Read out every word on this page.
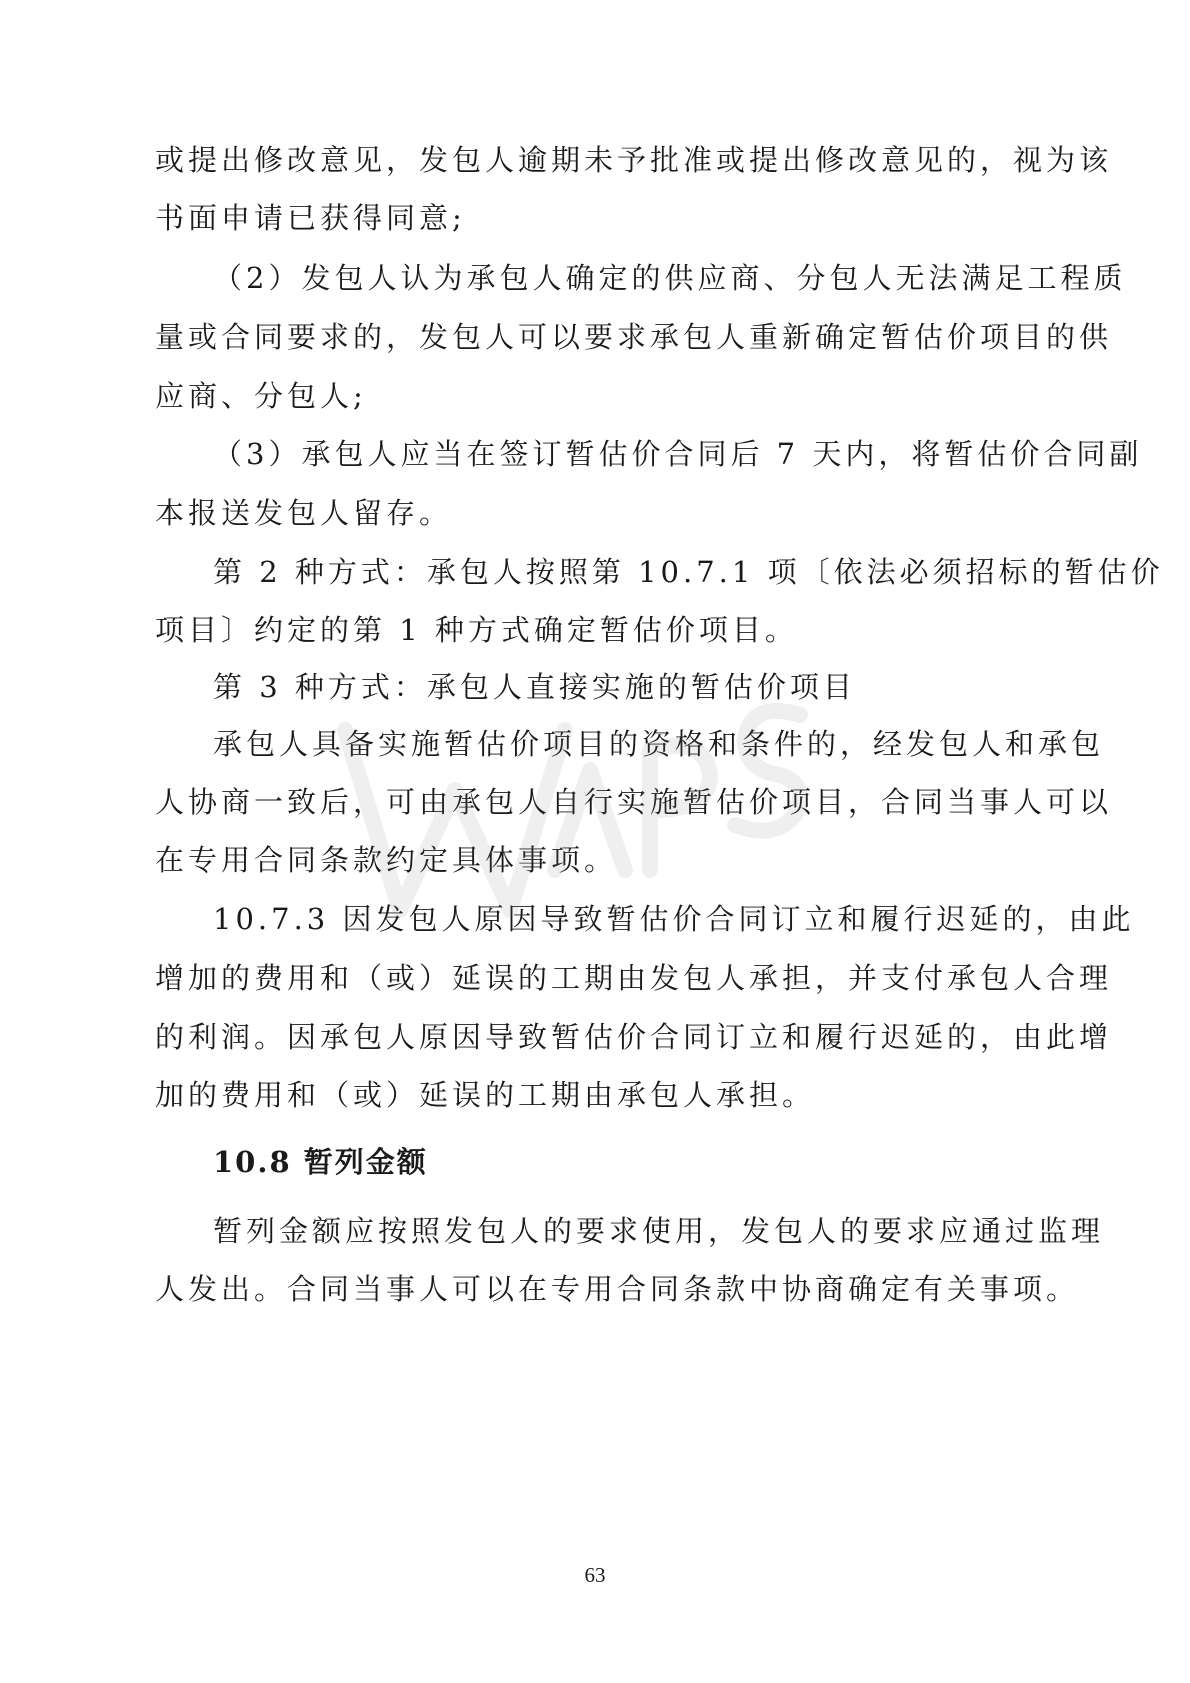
或提出修改意见，发包人逾期未予批准或提出修改意见的，视为该
书面申请已获得同意;
（2）发包人认为承包人确定的供应商、分包人无法满足工程质
量或合同要求的，发包人可以要求承包人重新确定暂估价项目的供
应商、分包人;
（3）承包人应当在签订暂估价合同后 7 天内，将暂估价合同副
本报送发包人留存。
第 2 种方式：承包人按照第 10.7.1 项〔依法必须招标的暂估价
项目〕约定的第 1 种方式确定暂估价项目。
第 3 种方式：承包人直接实施的暂估价项目
承包人具备实施暂估价项目的资格和条件的，经发包人和承包
人协商一致后，可由承包人自行实施暂估价项目，合同当事人可以
在专用合同条款约定具体事项。
10.7.3 因发包人原因导致暂估价合同订立和履行迟延的，由此
增加的费用和（或）延误的工期由发包人承担，并支付承包人合理
的利润。因承包人原因导致暂估价合同订立和履行迟延的，由此增
加的费用和（或）延误的工期由承包人承担。
10.8 暂列金额
暂列金额应按照发包人的要求使用，发包人的要求应通过监理
人发出。合同当事人可以在专用合同条款中协商确定有关事项。
63
